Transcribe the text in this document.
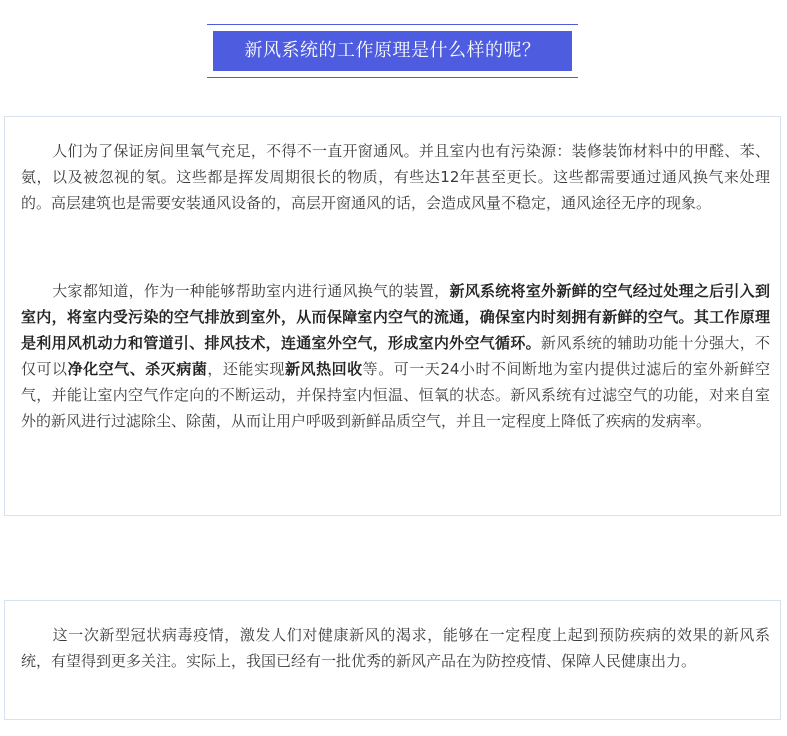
新风系统的工作原理是什么样的呢？

人们为了保证房间里氧气充足，不得不一直开窗通风。并且室内也有污染源：装修装饰材料中的甲醛、苯、氨，以及被忽视的氡。这些都是挥发周期很长的物质，有些达12年甚至更长。这些都需要通过通风换气来处理的。高层建筑也是需要安装通风设备的，高层开窗通风的话，会造成风量不稳定，通风途径无序的现象。

大家都知道，作为一种能够帮助室内进行通风换气的装置，新风系统将室外新鲜的空气经过处理之后引入到室内，将室内受污染的空气排放到室外，从而保障室内空气的流通，确保室内时刻拥有新鲜的空气。其工作原理是利用风机动力和管道引、排风技术，连通室外空气，形成室内外空气循环。新风系统的辅助功能十分强大，不仅可以净化空气、杀灭病菌，还能实现新风热回收等。可一天24小时不间断地为室内提供过滤后的室外新鲜空气，并能让室内空气作定向的不断运动，并保持室内恒温、恒氧的状态。新风系统有过滤空气的功能，对来自室外的新风进行过滤除尘、除菌，从而让用户呼吸到新鲜品质空气，并且一定程度上降低了疾病的发病率。

这一次新型冠状病毒疫情，激发人们对健康新风的渴求，能够在一定程度上起到预防疾病的效果的新风系统，有望得到更多关注。实际上，我国已经有一批优秀的新风产品在为防控疫情、保障人民健康出力。
